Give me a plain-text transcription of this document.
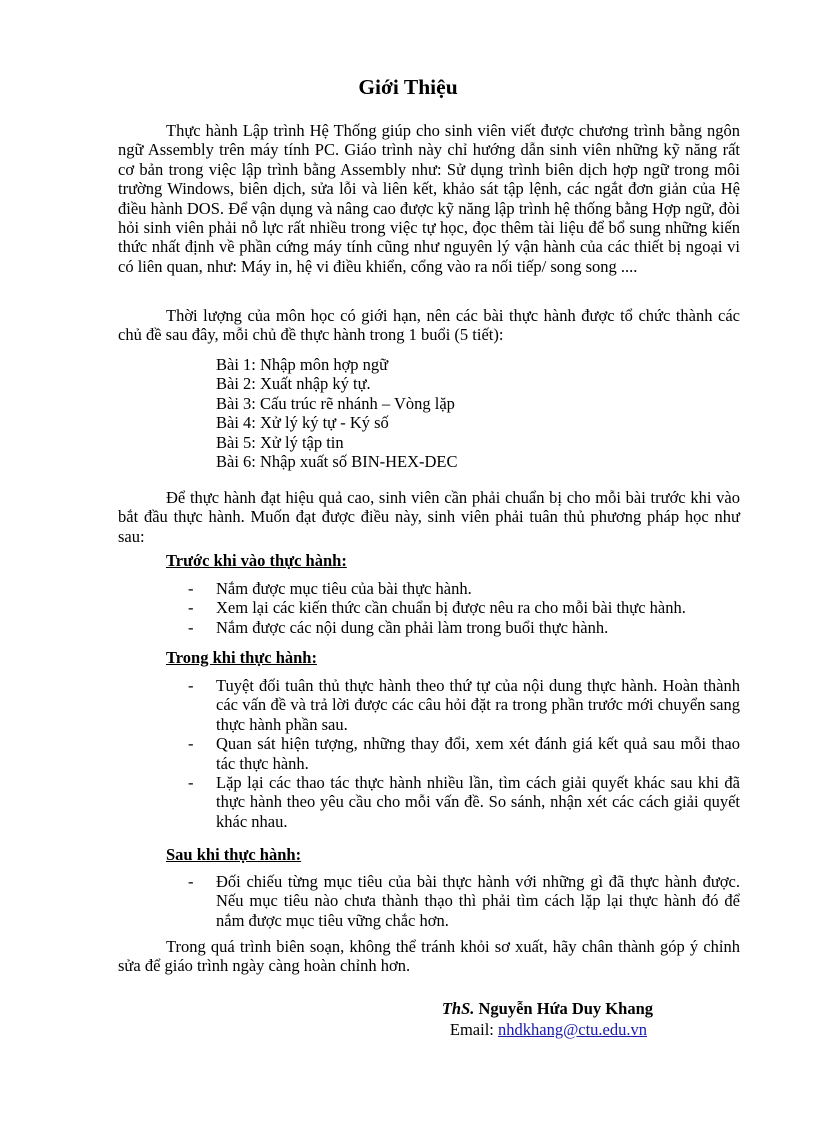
Giới Thiệu

Thực hành Lập trình Hệ Thống giúp cho sinh viên viết được chương trình bằng ngôn ngữ Assembly trên máy tính PC. Giáo trình này chỉ hướng dẫn sinh viên những kỹ năng rất cơ bản trong việc lập trình bằng Assembly như: Sử dụng trình biên dịch hợp ngữ trong môi trường Windows, biên dịch, sửa lỗi và liên kết, khảo sát tập lệnh, các ngắt đơn giản của Hệ điều hành DOS. Để vận dụng và nâng cao được kỹ năng lập trình hệ thống bằng Hợp ngữ, đòi hỏi sinh viên phải nỗ lực rất nhiều trong việc tự học, đọc thêm tài liệu để bổ sung những kiến thức nhất định về phần cứng máy tính cũng như nguyên lý vận hành của các thiết bị ngoại vi có liên quan, như: Máy in, hệ vi điều khiển, cổng vào ra nối tiếp/ song song ....

Thời lượng của môn học có giới hạn, nên các bài thực hành được tổ chức thành các chủ đề sau đây, mỗi chủ đề thực hành trong 1 buổi (5 tiết):

Bài 1: Nhập môn hợp ngữ
Bài 2: Xuất nhập ký tự.
Bài 3: Cấu trúc rẽ nhánh – Vòng lặp
Bài 4: Xử lý ký tự - Ký số
Bài 5: Xử lý tập tin
Bài 6: Nhập xuất số BIN-HEX-DEC

Để thực hành đạt hiệu quả cao, sinh viên cần phải chuẩn bị cho mỗi bài trước khi vào bắt đầu thực hành. Muốn đạt được điều này, sinh viên phải tuân thủ phương pháp học như sau:

Trước khi vào thực hành:
- Nắm được mục tiêu của bài thực hành.
- Xem lại các kiến thức cần chuẩn bị được nêu ra cho mỗi bài thực hành.
- Nắm được các nội dung cần phải làm trong buổi thực hành.
Trong khi thực hành:
- Tuyệt đối tuân thủ thực hành theo thứ tự của nội dung thực hành. Hoàn thành các vấn đề và trả lời được các câu hỏi đặt ra trong phần trước mới chuyển sang thực hành phần sau.
- Quan sát hiện tượng, những thay đổi, xem xét đánh giá kết quả sau mỗi thao tác thực hành.
- Lặp lại các thao tác thực hành nhiều lần, tìm cách giải quyết khác sau khi đã thực hành theo yêu cầu cho mỗi vấn đề. So sánh, nhận xét các cách giải quyết khác nhau.
Sau khi thực hành:
- Đối chiếu từng mục tiêu của bài thực hành với những gì đã thực hành được. Nếu mục tiêu nào chưa thành thạo thì phải tìm cách lặp lại thực hành đó để nắm được mục tiêu vững chắc hơn.

Trong quá trình biên soạn, không thể tránh khỏi sơ xuất, hãy chân thành góp ý chỉnh sửa để giáo trình ngày càng hoàn chỉnh hơn.

ThS. Nguyễn Hứa Duy Khang
Email: nhdkhang@ctu.edu.vn
